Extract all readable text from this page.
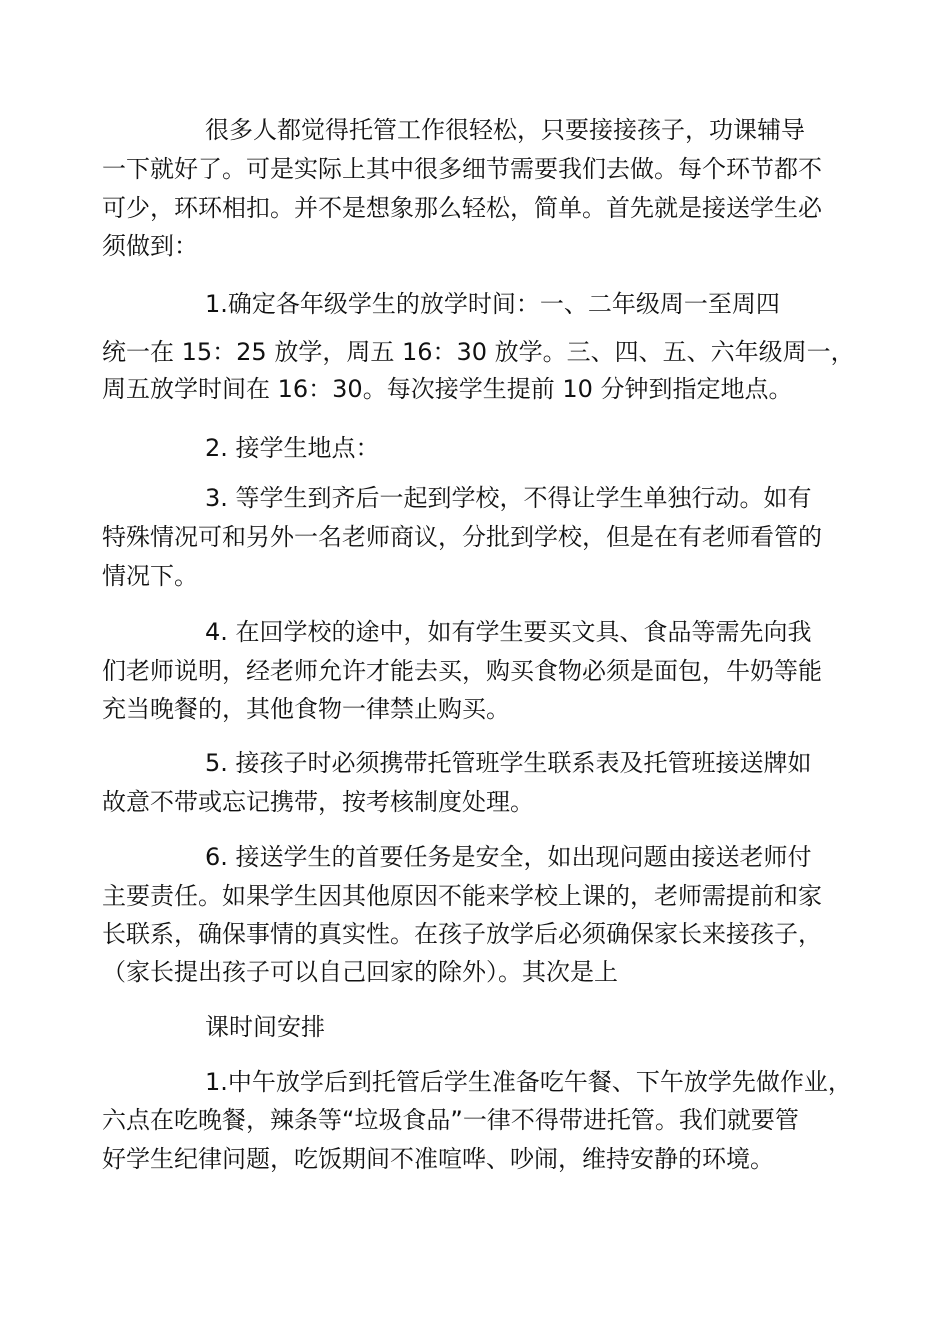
很多人都觉得托管工作很轻松，只要接接孩子，功课辅导
一下就好了。可是实际上其中很多细节需要我们去做。每个环节都不
可少，环环相扣。并不是想象那么轻松，简单。首先就是接送学生必
须做到：
1.确定各年级学生的放学时间：一、二年级周一至周四
统一在 15：25 放学，周五 16：30 放学。三、四、五、六年级周一，
周五放学时间在 16：30。每次接学生提前 10 分钟到指定地点。
2. 接学生地点：
3. 等学生到齐后一起到学校，不得让学生单独行动。如有
特殊情况可和另外一名老师商议，分批到学校，但是在有老师看管的
情况下。
4. 在回学校的途中，如有学生要买文具、食品等需先向我
们老师说明，经老师允许才能去买，购买食物必须是面包，牛奶等能
充当晚餐的，其他食物一律禁止购买。
5. 接孩子时必须携带托管班学生联系表及托管班接送牌如
故意不带或忘记携带，按考核制度处理。
6. 接送学生的首要任务是安全，如出现问题由接送老师付
主要责任。如果学生因其他原因不能来学校上课的，老师需提前和家
长联系，确保事情的真实性。在孩子放学后必须确保家长来接孩子，
（家长提出孩子可以自己回家的除外）。其次是上
课时间安排
1.中午放学后到托管后学生准备吃午餐、下午放学先做作业，
六点在吃晚餐，辣条等“垃圾食品”一律不得带进托管。我们就要管
好学生纪律问题，吃饭期间不准喧哗、吵闹，维持安静的环境。
